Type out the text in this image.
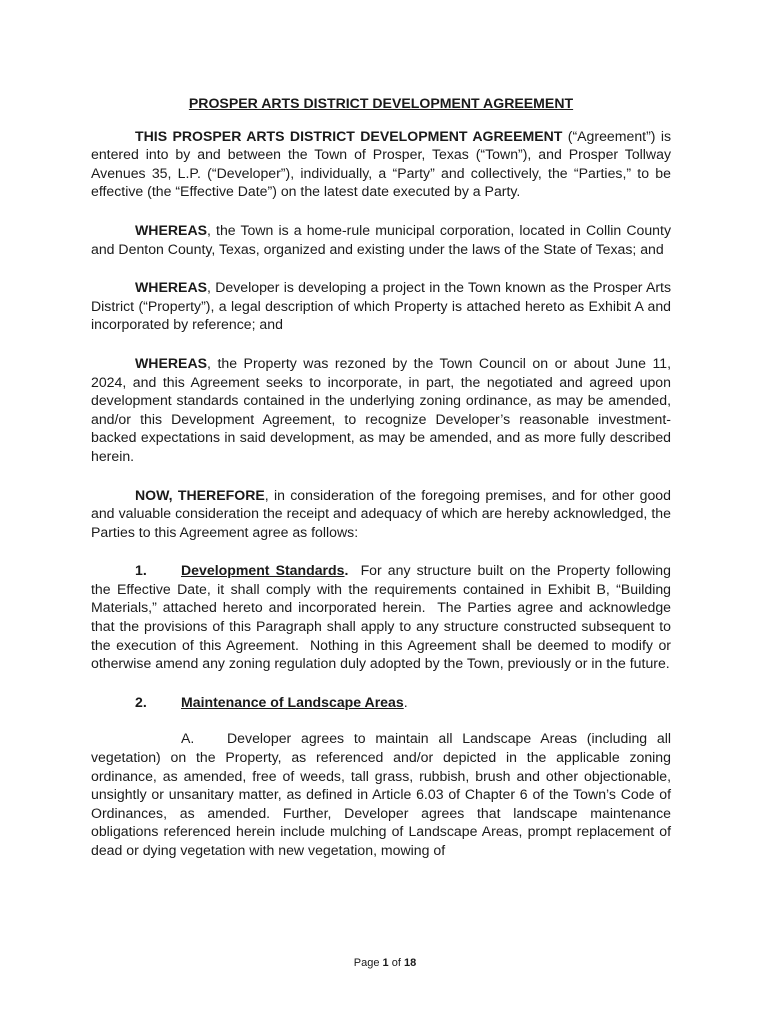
PROSPER ARTS DISTRICT DEVELOPMENT AGREEMENT

THIS PROSPER ARTS DISTRICT DEVELOPMENT AGREEMENT (“Agreement”) is entered into by and between the Town of Prosper, Texas (“Town”), and Prosper Tollway Avenues 35, L.P. (“Developer”), individually, a “Party” and collectively, the “Parties,” to be effective (the “Effective Date”) on the latest date executed by a Party.

WHEREAS, the Town is a home-rule municipal corporation, located in Collin County and Denton County, Texas, organized and existing under the laws of the State of Texas; and

WHEREAS, Developer is developing a project in the Town known as the Prosper Arts District (“Property”), a legal description of which Property is attached hereto as Exhibit A and incorporated by reference; and

WHEREAS, the Property was rezoned by the Town Council on or about June 11, 2024, and this Agreement seeks to incorporate, in part, the negotiated and agreed upon development standards contained in the underlying zoning ordinance, as may be amended, and/or this Development Agreement, to recognize Developer’s reasonable investment-backed expectations in said development, as may be amended, and as more fully described herein.

NOW, THEREFORE, in consideration of the foregoing premises, and for other good and valuable consideration the receipt and adequacy of which are hereby acknowledged, the Parties to this Agreement agree as follows:

1. Development Standards.  For any structure built on the Property following the Effective Date, it shall comply with the requirements contained in Exhibit B, “Building Materials,” attached hereto and incorporated herein.  The Parties agree and acknowledge that the provisions of this Paragraph shall apply to any structure constructed subsequent to the execution of this Agreement.  Nothing in this Agreement shall be deemed to modify or otherwise amend any zoning regulation duly adopted by the Town, previously or in the future.

2. Maintenance of Landscape Areas.

A. Developer agrees to maintain all Landscape Areas (including all vegetation) on the Property, as referenced and/or depicted in the applicable zoning ordinance, as amended, free of weeds, tall grass, rubbish, brush and other objectionable, unsightly or unsanitary matter, as defined in Article 6.03 of Chapter 6 of the Town’s Code of Ordinances, as amended. Further, Developer agrees that landscape maintenance obligations referenced herein include mulching of Landscape Areas, prompt replacement of dead or dying vegetation with new vegetation, mowing of

Page 1 of 18
